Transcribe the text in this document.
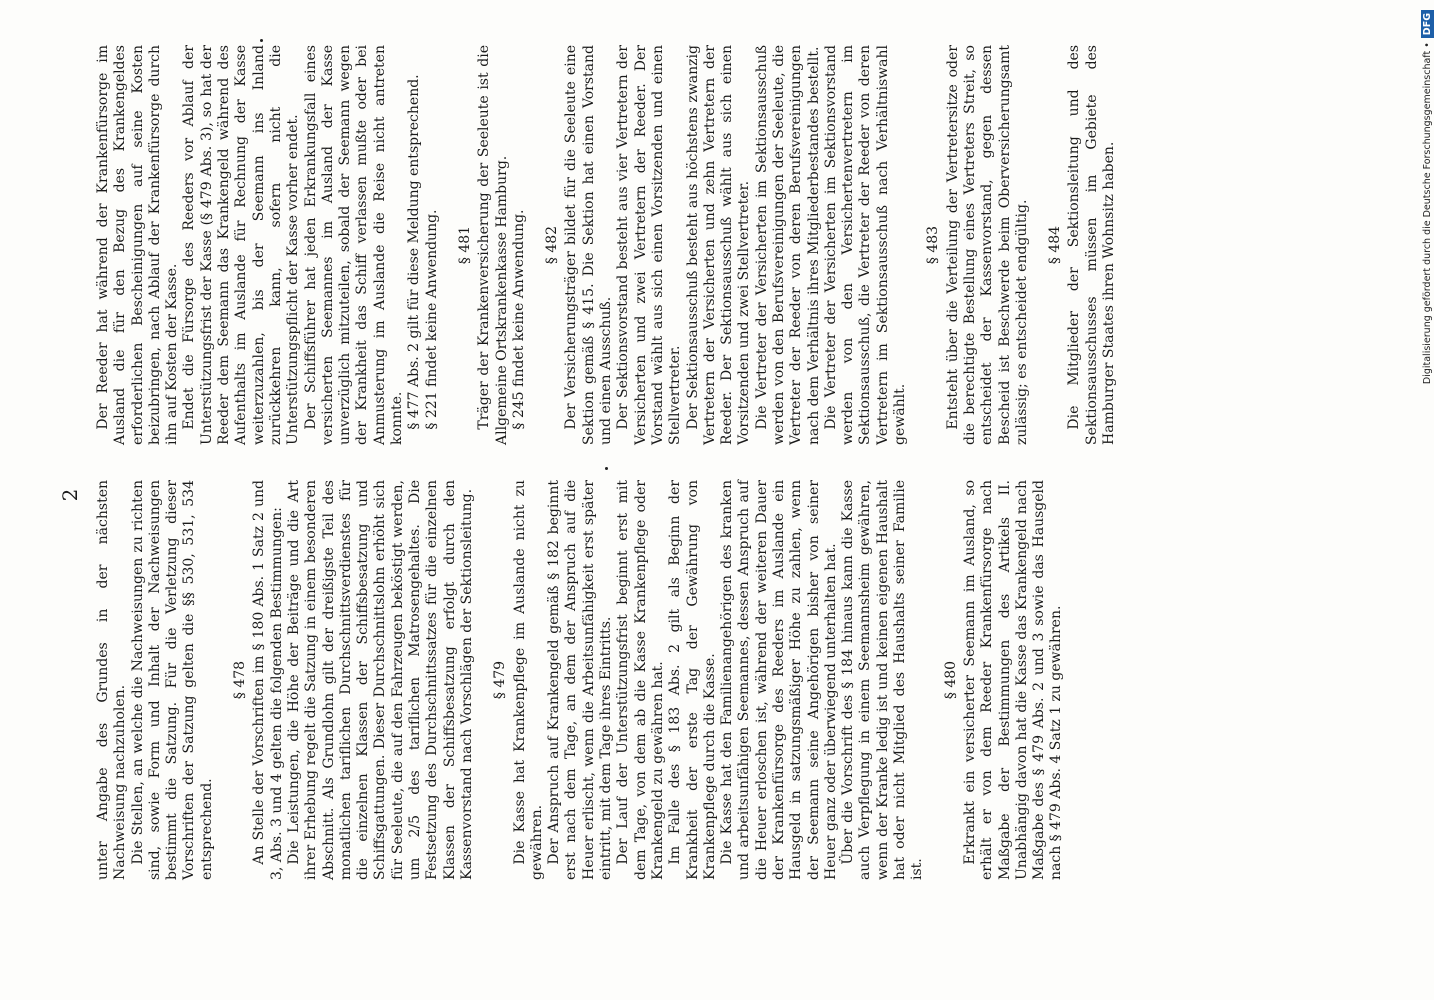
2 unter Angabe des Grundes in der nächsten Nachweisung nachzuholen. Die Stellen, an welche die Nachweisungen zu richten sind, sowie Form und Inhalt der Nachweisungen bestimmt die Satzung. Für die Verletzung dieser Vorschriften der Satzung gelten die §§ 530, 531, 534 entsprechend.

§ 478 An Stelle der Vorschriften im § 180 Abs. 1 Satz 2 und 3, Abs. 3 und 4 gelten die folgenden Bestimmungen: Die Leistungen, die Höhe der Beiträge und die Art ihrer Erhebung regelt die Satzung in einem besonderen Abschnitt. Als Grundlohn gilt der dreißigste Teil des monatlichen tariflichen Durchschnittsverdienstes für die einzelnen Klassen der Schiffsbesatzung und Schiffsgattungen. Dieser Durchschnittslohn erhöht sich für Seeleute, die auf den Fahrzeugen beköstigt werden, um 2/5 des tariflichen Matrosengehaltes. Die Festsetzung des Durchschnittssatzes für die einzelnen Klassen der Schiffsbesatzung erfolgt durch den Kassenvorstand nach Vorschlägen der Sektionsleitung. § 479 Die Kasse hat Krankenpflege im Auslande nicht zu gewähren. Der Anspruch auf Krankengeld gemäß § 182 beginnt erst nach dem Tage, an dem der Anspruch auf die Heuer erlischt, wenn die Arbeitsunfähigkeit erst später eintritt, mit dem Tage ihres Eintritts. Der Lauf der Unterstützungsfrist beginnt erst mit dem Tage, von dem ab die Kasse Krankenpflege oder Krankengeld zu gewähren hat. Im Falle des § 183 Abs. 2 gilt als Beginn der Krankheit der erste Tag der Gewährung von Krankenpflege durch die Kasse. Die Kasse hat den Familienangehörigen des kranken und arbeitsunfähigen Seemannes, dessen Anspruch auf die Heuer erloschen ist, während der weiteren Dauer der Krankenfürsorge des Reeders im Auslande ein Hausgeld in satzungsmäßiger Höhe zu zahlen, wenn der Seemann seine Angehörigen bisher von seiner Heuer ganz oder überwiegend unterhalten hat. Über die Vorschrift des § 184 hinaus kann die Kasse auch Verpflegung in einem Seemannsheim gewähren, wenn der Kranke ledig ist und keinen eigenen Haushalt hat oder nicht Mitglied des Haushalts seiner Familie ist.

§ 480 Erkrankt ein versicherter Seemann im Ausland, so erhält er von dem Reeder Krankenfürsorge nach Maßgabe der Bestimmungen des Artikels II. Unabhängig davon hat die Kasse das Krankengeld nach Maßgabe des § 479 Abs. 2 und 3 sowie das Hausgeld nach § 479 Abs. 4 Satz 1 zu gewähren.

Der Reeder hat während der Krankenfürsorge im Ausland die für den Bezug des Krankengeldes erforderlichen Bescheinigungen auf seine Kosten beizubringen, nach Ablauf der Krankenfürsorge durch ihn auf Kosten der Kasse. Endet die Fürsorge des Reeders vor Ablauf der Unterstützungsfrist der Kasse (§ 479 Abs. 3), so hat der Reeder dem Seemann das Krankengeld während des Aufenthalts im Auslande für Rechnung der Kasse weiterzuzahlen, bis der Seemann ins Inland zurückkehren kann, sofern nicht die Unterstützungspflicht der Kasse vorher endet. Der Schiffsführer hat jeden Erkrankungsfall eines versicherten Seemannes im Ausland der Kasse unverzüglich mitzuteilen, sobald der Seemann wegen der Krankheit das Schiff verlassen mußte oder bei Anmusterung im Auslande die Reise nicht antreten konnte. § 477 Abs. 2 gilt für diese Meldung entsprechend. § 221 findet keine Anwendung. § 481 Träger der Krankenversicherung der Seeleute ist die Allgemeine Ortskrankenkasse Hamburg. § 245 findet keine Anwendung. § 482 Der Versicherungsträger bildet für die Seeleute eine Sektion gemäß § 415. Die Sektion hat einen Vorstand und einen Ausschuß. Der Sektionsvorstand besteht aus vier Vertretern der Versicherten und zwei Vertretern der Reeder. Der Vorstand wählt aus sich einen Vorsitzenden und einen Stellvertreter. Der Sektionsausschuß besteht aus höchstens zwanzig Vertretern der Versicherten und zehn Vertretern der Reeder. Der Sektionsausschuß wählt aus sich einen Vorsitzenden und zwei Stellvertreter. Die Vertreter der Versicherten im Sektionsausschuß werden von den Berufsvereinigungen der Seeleute, die Vertreter der Reeder von deren Berufsvereinigungen nach dem Verhältnis ihres Mitgliederbestandes bestellt. Die Vertreter der Versicherten im Sektionsvorstand werden von den Versichertenvertretern im Sektionsausschuß, die Vertreter der Reeder von deren Vertretern im Sektionsausschuß nach Verhältniswahl gewählt.

§ 483 Entsteht über die Verteilung der Vertretersitze oder die berechtigte Bestellung eines Vertreters Streit, so entscheidet der Kassenvorstand, gegen dessen Bescheid ist Beschwerde beim Oberversicherungsamt zulässig; es entscheidet endgültig. § 484 Die Mitglieder der Sektionsleitung und des Sektionsausschusses müssen im Gebiete des Hamburger Staates ihren Wohnsitz haben.	Digitalisierung gefördert durch die Deutsche Forschungsgemeinschaft •DFG
